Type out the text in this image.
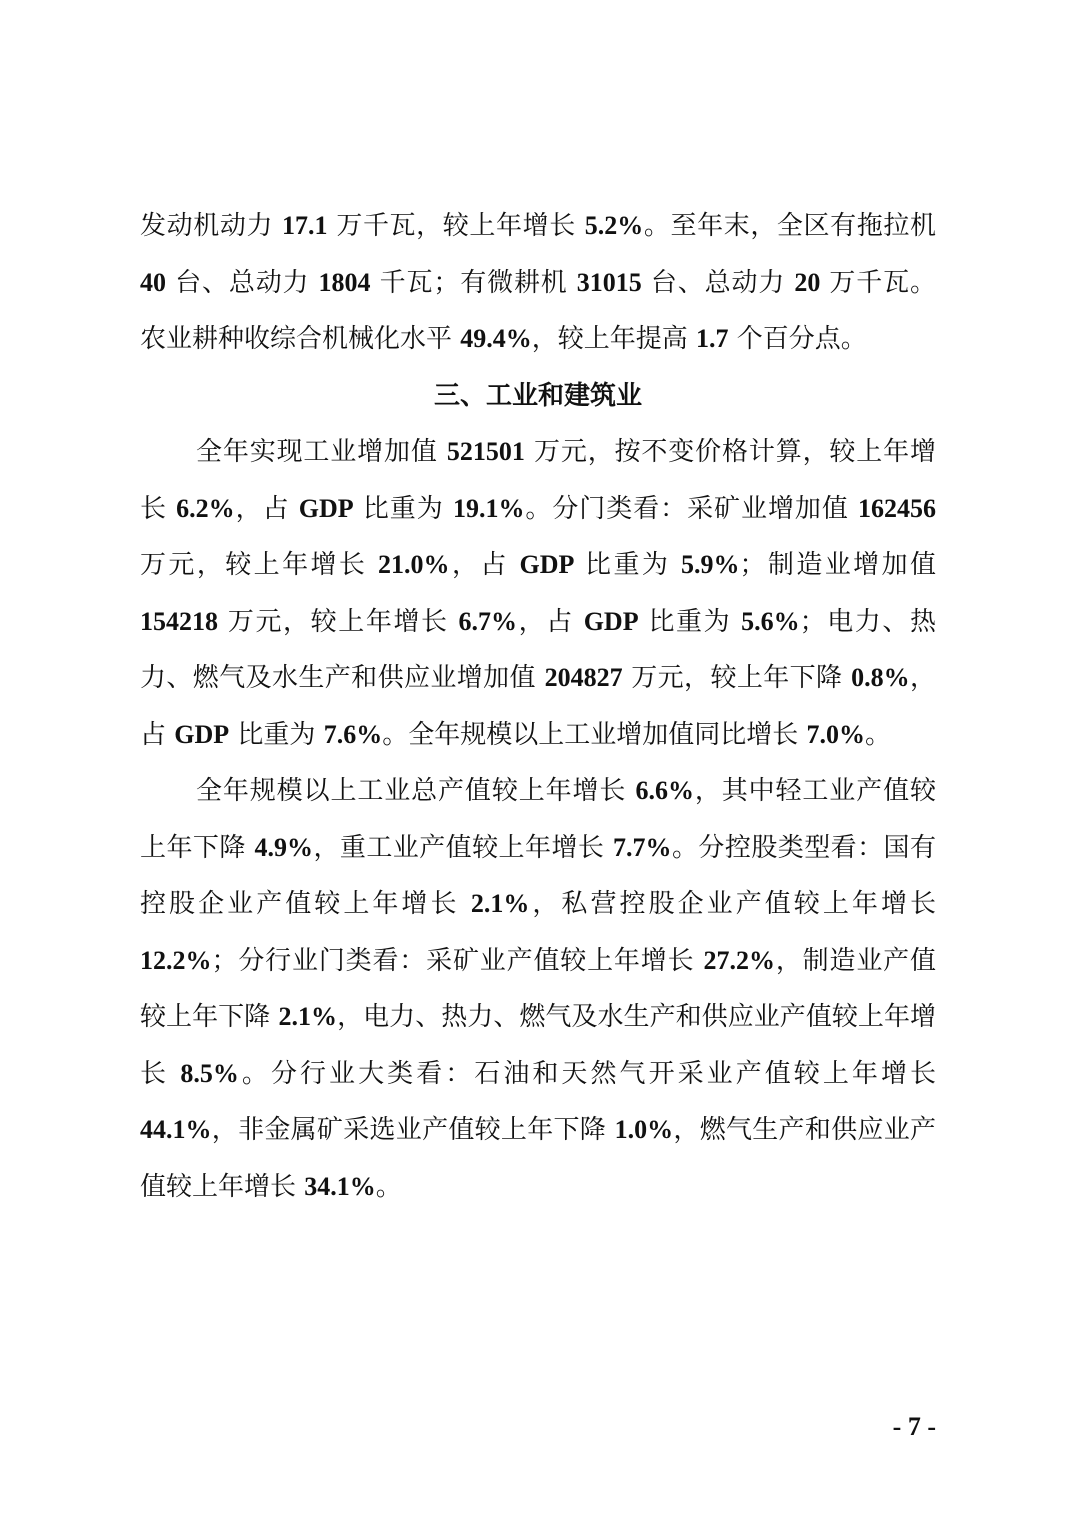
发动机动力 17.1 万千瓦，较上年增长 5.2%。至年末，全区有拖拉机 40 台、总动力 1804 千瓦；有微耕机 31015 台、总动力 20 万千瓦。农业耕种收综合机械化水平 49.4%，较上年提高 1.7 个百分点。

三、工业和建筑业

全年实现工业增加值 521501 万元，按不变价格计算，较上年增长 6.2%，占 GDP 比重为 19.1%。分门类看：采矿业增加值 162456 万元，较上年增长 21.0%，占 GDP 比重为 5.9%；制造业增加值 154218 万元，较上年增长 6.7%，占 GDP 比重为 5.6%；电力、热力、燃气及水生产和供应业增加值 204827 万元，较上年下降 0.8%，占 GDP 比重为 7.6%。全年规模以上工业增加值同比增长 7.0%。

全年规模以上工业总产值较上年增长 6.6%，其中轻工业产值较上年下降 4.9%，重工业产值较上年增长 7.7%。分控股类型看：国有控股企业产值较上年增长 2.1%，私营控股企业产值较上年增长 12.2%；分行业门类看：采矿业产值较上年增长 27.2%，制造业产值较上年下降 2.1%，电力、热力、燃气及水生产和供应业产值较上年增长 8.5%。分行业大类看：石油和天然气开采业产值较上年增长 44.1%，非金属矿采选业产值较上年下降 1.0%，燃气生产和供应业产值较上年增长 34.1%。

- 7 -
